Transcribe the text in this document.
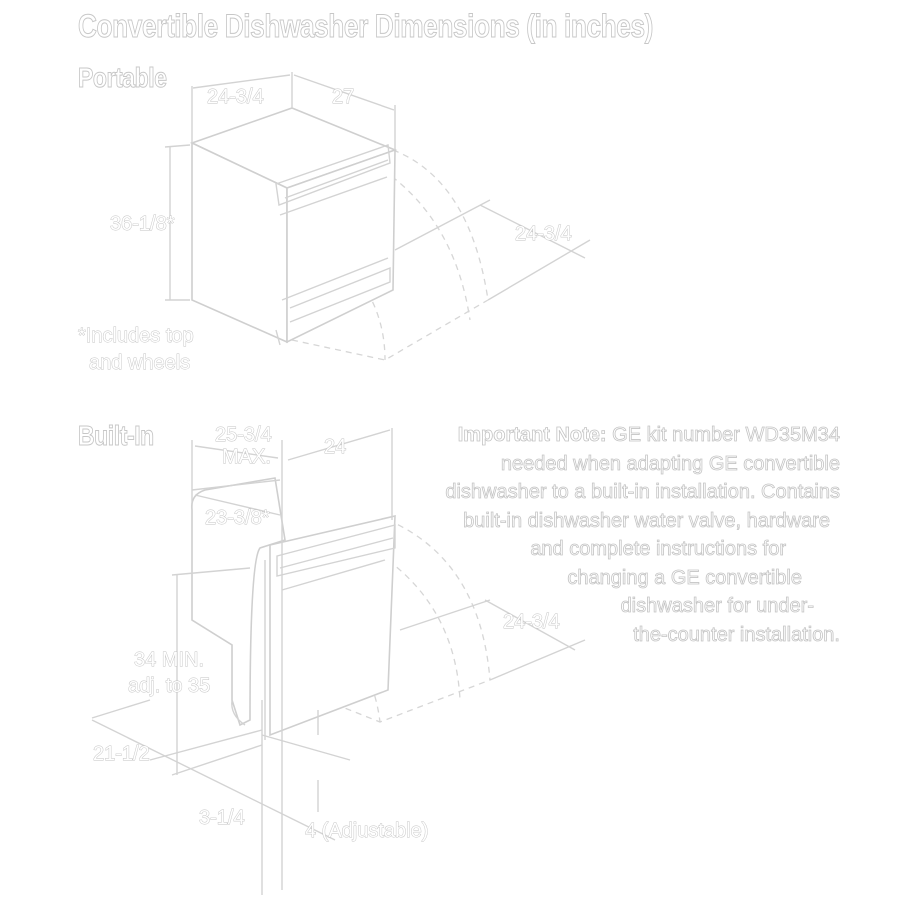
Convertible Dishwasher Dimensions (in inches)
Portable
Built-In
24-3/4	27
36-1/8*	24-3/4
*Includes top
and wheels
25-3/4
MAX.	24
23-3/8*
34 MIN.
adj. to 35
24-3/4
21-1/2
3-1/4
4 (Adjustable)
Important Note: GE kit number WD35M34
needed when adapting GE convertible
dishwasher to a built-in installation. Contains
built-in dishwasher water valve, hardware
and complete instructions for
changing a GE convertible
dishwasher for under-
the-counter installation.
